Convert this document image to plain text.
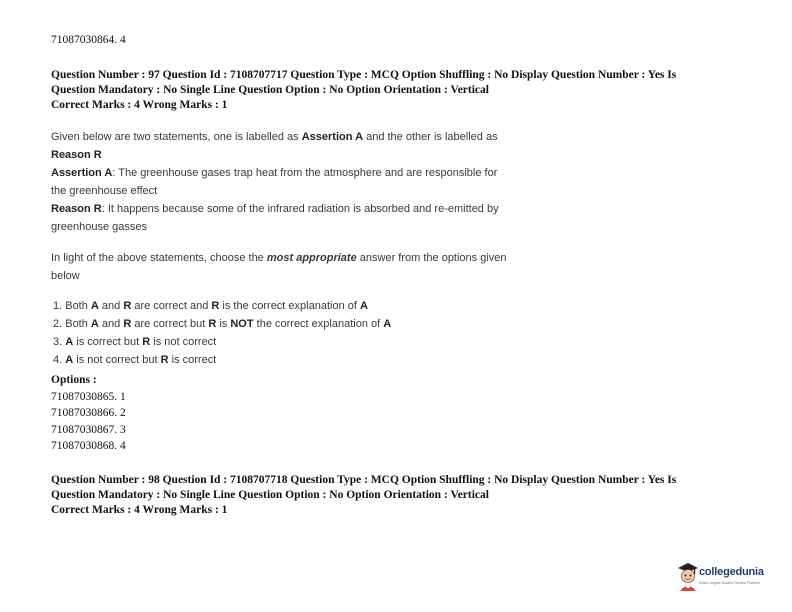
71087030864. 4
Question Number : 97 Question Id : 7108707717 Question Type : MCQ Option Shuffling : No Display Question Number : Yes Is
Question Mandatory : No Single Line Question Option : No Option Orientation : Vertical
Correct Marks : 4 Wrong Marks : 1
Given below are two statements, one is labelled as Assertion A and the other is labelled as
Reason R
Assertion A: The greenhouse gases trap heat from the atmosphere and are responsible for
the greenhouse effect
Reason R: It happens because some of the infrared radiation is absorbed and re-emitted by
greenhouse gasses
In light of the above statements, choose the most appropriate answer from the options given
below
1. Both A and R are correct and R is the correct explanation of A
2. Both A and R are correct but R is NOT the correct explanation of A
3. A is correct but R is not correct
4. A is not correct but R is correct
Options :
71087030865. 1
71087030866. 2
71087030867. 3
71087030868. 4
Question Number : 98 Question Id : 7108707718 Question Type : MCQ Option Shuffling : No Display Question Number : Yes Is
Question Mandatory : No Single Line Question Option : No Option Orientation : Vertical
Correct Marks : 4 Wrong Marks : 1
collegedunia
India's largest Student Review Platform
